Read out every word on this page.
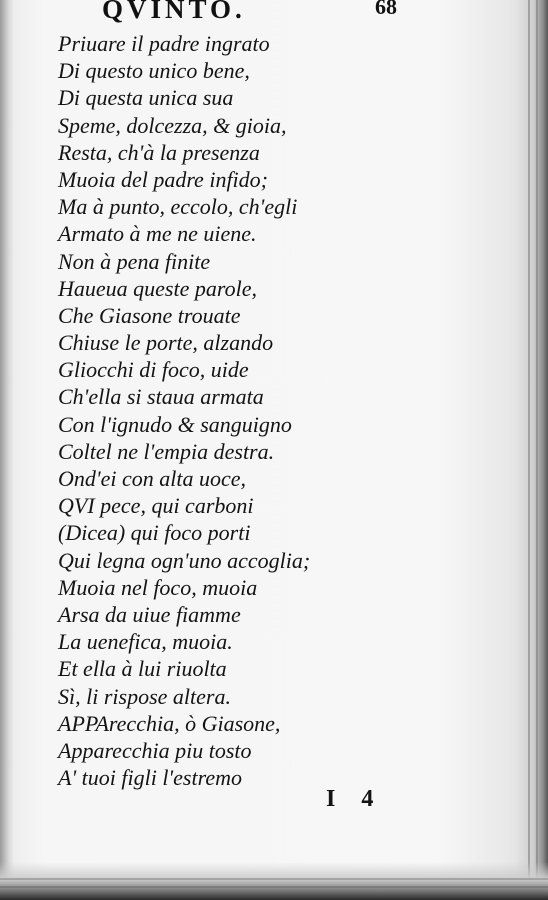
QVINTO.	68
Priuare il padre ingrato
Di questo unico bene,
Di questa unica sua
Speme, dolcezza, & gioia,
Resta, ch'à la presenza
Muoia del padre infido;
Ma à punto, eccolo, ch'egli
Armato à me ne uiene.
Non à pena finite
Haueua queste parole,
Che Giasone trouate
Chiuse le porte, alzando
Gliocchi di foco, uide
Ch'ella si staua armata
Con l'ignudo & sanguigno
Coltel ne l'empia destra.
Ond'ei con alta uoce,
QVI pece, qui carboni
(Dicea) qui foco porti
Qui legna ogn'uno accoglia;
Muoia nel foco, muoia
Arsa da uiue fiamme
La uenefica, muoia.
Et ella à lui riuolta
Sì, li rispose altera.
APPArecchia, ò Giasone,
Apparecchia piu tosto
A' tuoi figli l'estremo
I 4
